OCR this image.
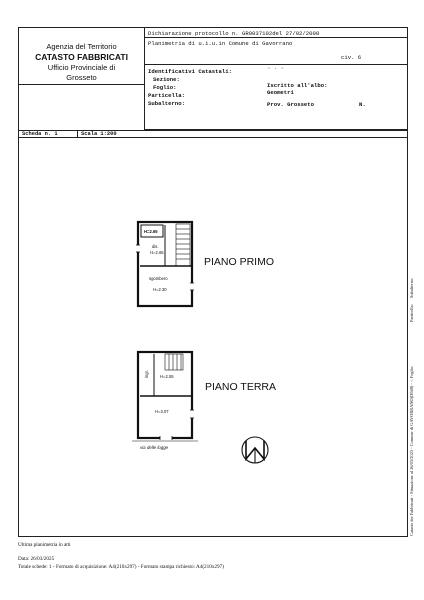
Agenzia del Territorio
CATASTO FABBRICATI
Ufficio Provinciale di
Grosseto
Dichiarazione protocollo n. GR0037102del 27/02/2008
Planimetria di u.i.u.in Comune di Gavorrano
civ. 6
Identificativi Catastali:
Sezione:
Foglio:
Particella:
Subalterno:
~ · ~
Iscritto all'albo:
Geometri
Prov. Grosseto	N.
Scheda n. 1	Scala 1:200
H=2.65
dis.
H=2.65
sgombero
H=2.30
PIANO PRIMO
PIANO TERRA
ingr.	H=2.55
H=3.07
via delle logge
Ultima planimetria in atti
Data: 26/03/2025
Totale schede: 1 - Formato di acquisizione: A4(210x297) - Formato stampa richiesto: A4(210x297)
Catasto dei Fabbricati - Situazione al 26/03/2025 - Comune di GAVORRANO(D948) - < Foglio:
Particella:
Subalterno:
